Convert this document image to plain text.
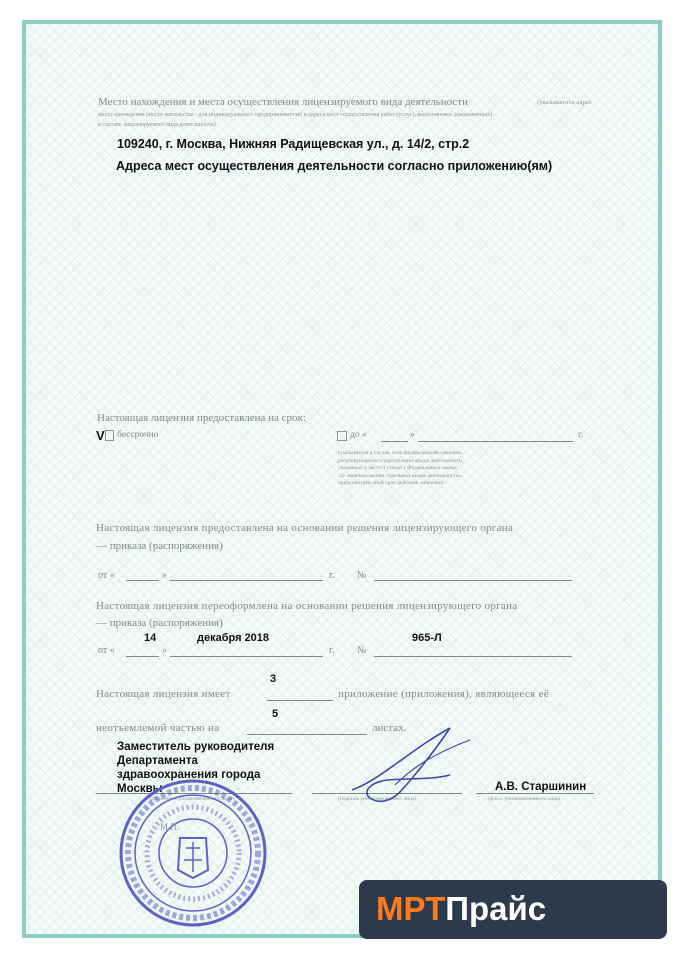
Место нахождения и места осуществления лицензируемого вида деятельности	(указываются адрес
места нахождения (место жительства - для индивидуального предпринимателя) и адреса мест осуществления работ (услуг), выполняемых (оказываемых)
в составе лицензируемого вида деятельности)
109240, г. Москва, Нижняя Радищевская ул., д. 14/2, стр.2
Адреса мест осуществления деятельности согласно приложению(ям)
Настоящая лицензия предоставлена на срок:
V бессрочно	до «	»	г.
(указывается в случае, если федеральными законами,
регулирующими осуществление видов деятельности,
указанных в части 4 статьи 1 Федерального закона
«О лицензировании отдельных видов деятельности»,
предусмотрен иной срок действия лицензии)
Настоящая лицензия предоставлена на основании решения лицензирующего органа
— приказа (распоряжения)
от «	»	г. №
Настоящая лицензия переоформлена на основании решения лицензирующего органа
— приказа (распоряжения)
14	декабря 2018	965-Л
от «	»	г. №
3
Настоящая лицензия имеет	приложение (приложения), являющееся её
5
неотъемлемой частью на	листах.
Заместитель руководителя
Департамента
здравоохранения города
Москвы
(должность уполномоченного лица)	(подпись уполномоченного лица)
А.В. Старшинин
(ф.и.о. уполномоченного лица)
М.П.
МРТПрайс
